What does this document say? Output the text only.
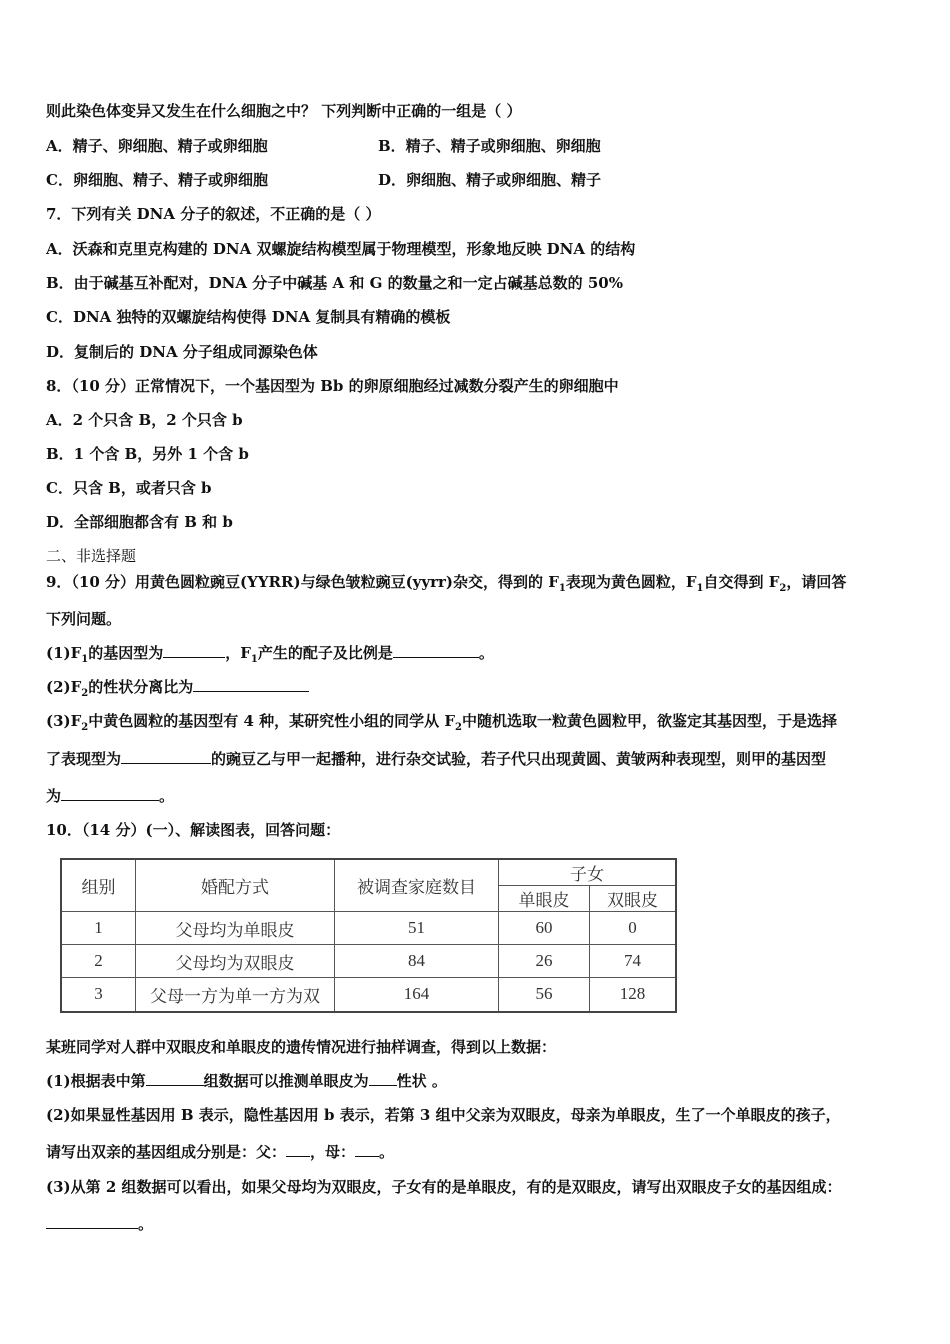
则此染色体变异又发生在什么细胞之中？ 下列判断中正确的一组是（ ）
A．精子、卵细胞、精子或卵细胞	B．精子、精子或卵细胞、卵细胞
C．卵细胞、精子、精子或卵细胞	D．卵细胞、精子或卵细胞、精子
7．下列有关 DNA 分子的叙述，不正确的是（ ）
A．沃森和克里克构建的 DNA 双螺旋结构模型属于物理模型，形象地反映 DNA 的结构
B．由于碱基互补配对，DNA 分子中碱基 A 和 G 的数量之和一定占碱基总数的 50%
C．DNA 独特的双螺旋结构使得 DNA 复制具有精确的模板
D．复制后的 DNA 分子组成同源染色体
8．（10 分）正常情况下，一个基因型为 Bb 的卵原细胞经过减数分裂产生的卵细胞中
A．2 个只含 B，2 个只含 b
B．1 个含 B，另外 1 个含 b
C．只含 B，或者只含 b
D．全部细胞都含有 B 和 b
二、非选择题
9．（10 分）用黄色圆粒豌豆(YYRR)与绿色皱粒豌豆(yyrr)杂交，得到的 $F_1$表现为黄色圆粒，$F_1$自交得到 $F_2$，请回答
下列问题。
$(1)F_1$的基因型为	，$F_1$产生的配子及比例是	。
$(2)F_2$的性状分离比为
$(3)F_2$中黄色圆粒的基因型有 4 种，某研究性小组的同学从 $F_2$中随机选取一粒黄色圆粒甲，欲鉴定其基因型，于是选择
了表现型为	的豌豆乙与甲一起播种，进行杂交试验，若子代只出现黄圆、黄皱两种表现型，则甲的基因型
为	。
10．（14 分）(一）、解读图表，回答问题：
组别	婚配方式	被调查家庭数目	子女	
			单眼皮	双眼皮
1	父母均为单眼皮	51	60	0
2	父母均为双眼皮	84	26	74
3	父母一方为单一方为双	164	56	128
某班同学对人群中双眼皮和单眼皮的遗传情况进行抽样调查，得到以上数据：
(1)根据表中第	组数据可以推测单眼皮为 性状 。
(2)如果显性基因用 B 表示，隐性基因用 b 表示，若第 3 组中父亲为双眼皮，母亲为单眼皮，生了一个单眼皮的孩子，
请写出双亲的基因组成分别是：父： ，母： 。
(3)从第 2 组数据可以看出，如果父母均为双眼皮，子女有的是单眼皮，有的是双眼皮，请写出双眼皮子女的基因组成：
。
